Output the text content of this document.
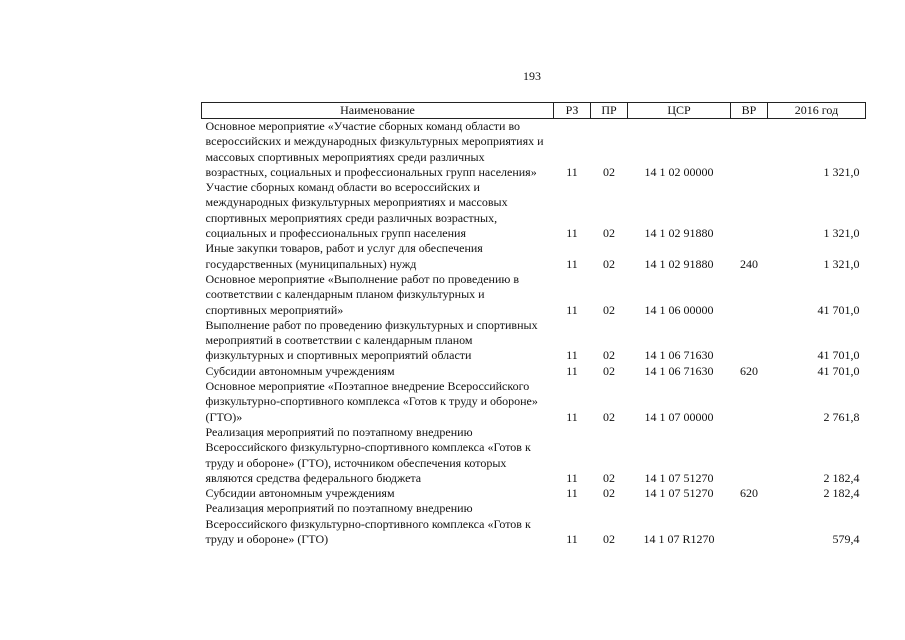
193
Наименование	РЗ	ПР	ЦСР	ВР	2016 год
Основное мероприятие «Участие сборных команд области во всероссийских и международных физкультурных мероприятиях и массовых спортивных мероприятиях среди различных возрастных, социальных и профессиональных групп населения»	11	02	14 1 02 00000		1 321,0
Участие сборных команд области во всероссийских и международных физкультурных мероприятиях и массовых спортивных мероприятиях среди различных возрастных, социальных и профессиональных групп населения	11	02	14 1 02 91880		1 321,0
Иные закупки товаров, работ и услуг для обеспечения государственных (муниципальных) нужд	11	02	14 1 02 91880	240	1 321,0
Основное мероприятие «Выполнение работ по проведению в соответствии с календарным планом физкультурных и спортивных мероприятий»	11	02	14 1 06 00000		41 701,0
Выполнение работ по проведению физкультурных и спортивных мероприятий в соответствии с календарным планом физкультурных и спортивных мероприятий области	11	02	14 1 06 71630		41 701,0
Субсидии автономным учреждениям	11	02	14 1 06 71630	620	41 701,0
Основное мероприятие «Поэтапное внедрение Всероссийского физкультурно-спортивного комплекса «Готов к труду и обороне» (ГТО)»	11	02	14 1 07 00000		2 761,8
Реализация мероприятий по поэтапному внедрению Всероссийского физкультурно-спортивного комплекса «Готов к труду и обороне» (ГТО), источником обеспечения которых являются средства федерального бюджета	11	02	14 1 07 51270		2 182,4
Субсидии автономным учреждениям	11	02	14 1 07 51270	620	2 182,4
Реализация мероприятий по поэтапному внедрению Всероссийского физкультурно-спортивного комплекса «Готов к труду и обороне» (ГТО)	11	02	14 1 07 R1270		579,4
